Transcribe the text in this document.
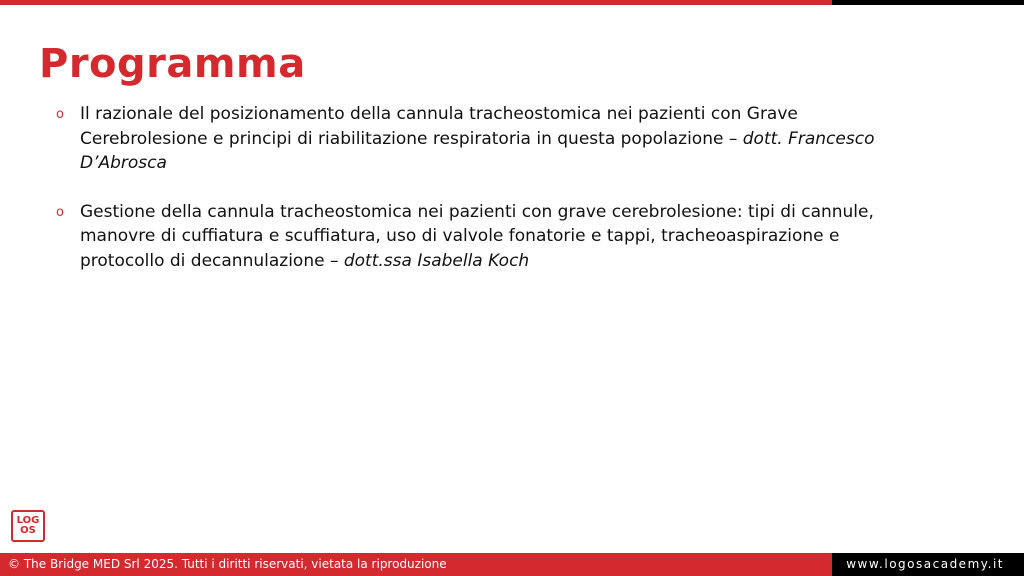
Programma
o Il razionale del posizionamento della cannula tracheostomica nei pazienti con Grave Cerebrolesione e principi di riabilitazione respiratoria in questa popolazione – dott. Francesco D’Abrosca
o Gestione della cannula tracheostomica nei pazienti con grave cerebrolesione: tipi di cannule, manovre di cuffiatura e scuffiatura, uso di valvole fonatorie e tappi, tracheoaspirazione e protocollo di decannulazione – dott.ssa Isabella Koch
LOG
OS
© The Bridge MED Srl 2025. Tutti i diritti riservati, vietata la riproduzione	www.logosacademy.it
